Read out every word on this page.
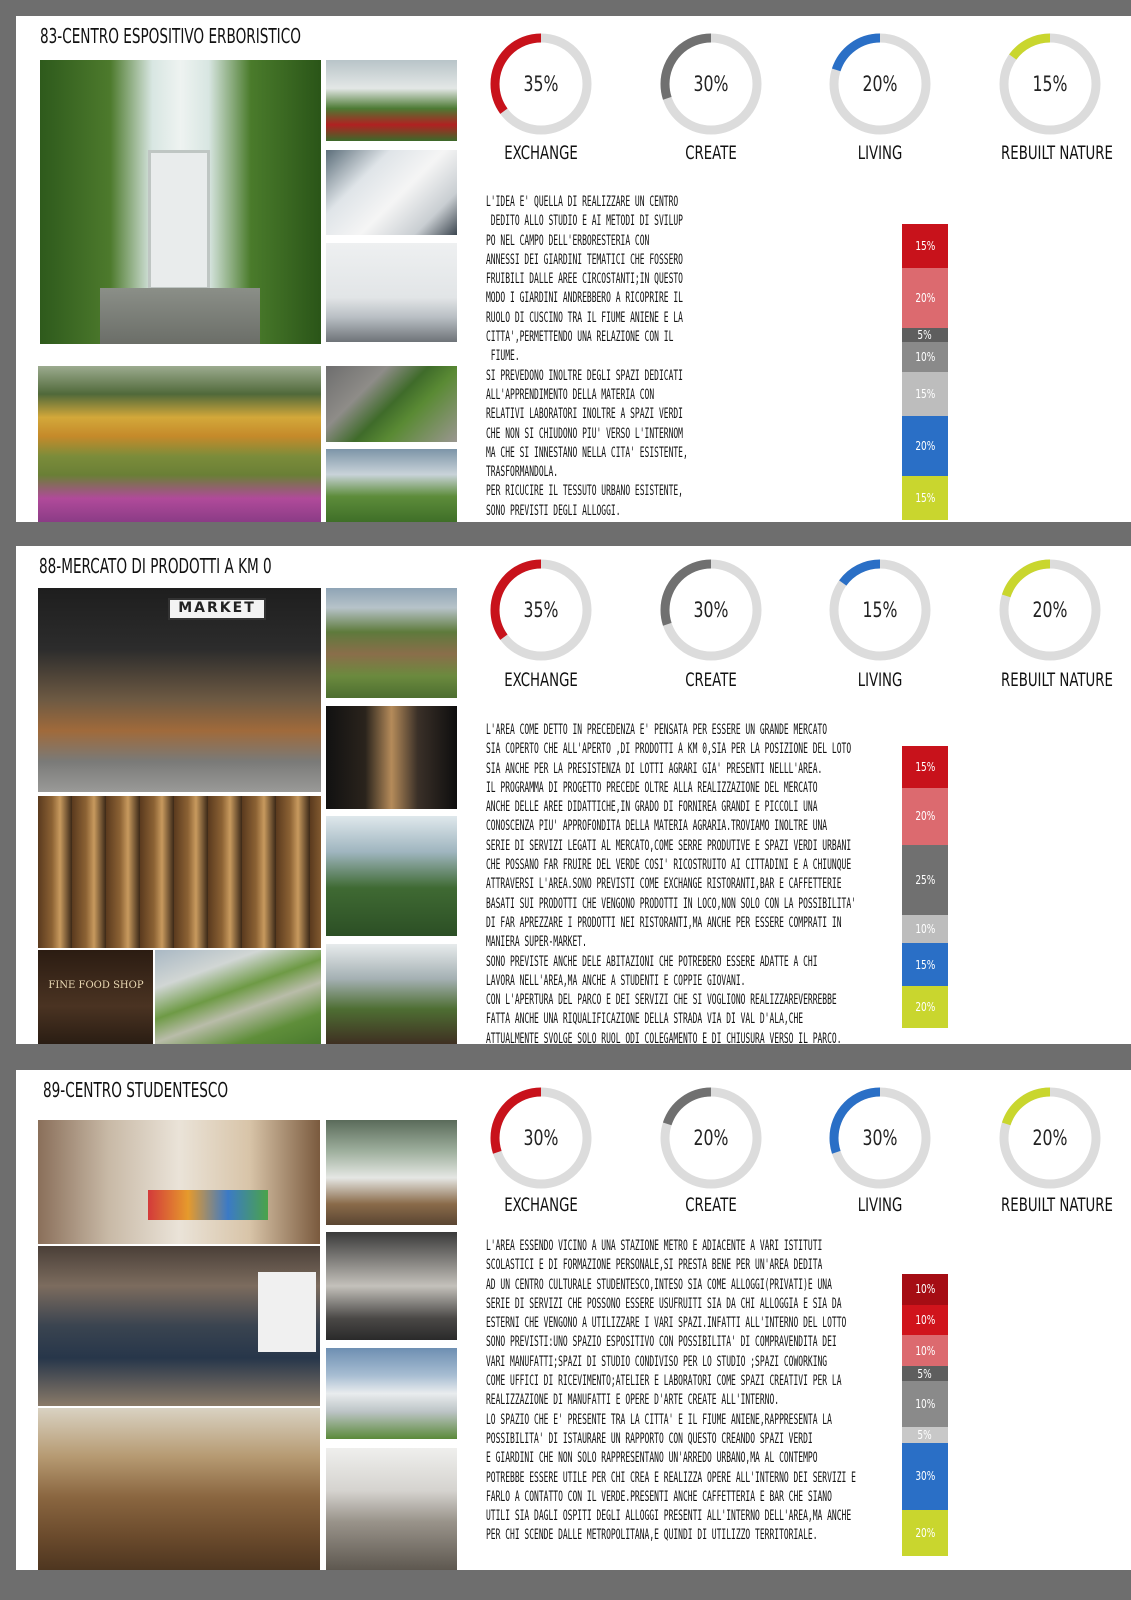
83-CENTRO ESPOSITIVO ERBORISTICO
35%	30%	20%	15%
EXCHANGE	CREATE	LIVING	REBUILT NATURE
L'IDEA E' QUELLA DI REALIZZARE UN CENTRO
DEDITO ALLO STUDIO E AI METODI DI SVILUP
PO NEL CAMPO DELL'ERBORESTERIA CON
ANNESSI DEI GIARDINI TEMATICI CHE FOSSERO
FRUIBILI DALLE AREE CIRCOSTANTI;IN QUESTO
MODO I GIARDINI ANDREBBERO A RICOPRIRE IL
RUOLO DI CUSCINO TRA IL FIUME ANIENE E LA
CITTA',PERMETTENDO UNA RELAZIONE CON IL
FIUME.
SI PREVEDONO INOLTRE DEGLI SPAZI DEDICATI
ALL'APPRENDIMENTO DELLA MATERIA CON
RELATIVI LABORATORI INOLTRE A SPAZI VERDI
CHE NON SI CHIUDONO PIU' VERSO L'INTERNOM
MA CHE SI INNESTANO NELLA CITA' ESISTENTE,
TRASFORMANDOLA.
PER RICUCIRE IL TESSUTO URBANO ESISTENTE,
SONO PREVISTI DEGLI ALLOGGI.
15%
20%
5%
10%
15%
20%
15%
88-MERCATO DI PRODOTTI A KM 0
MARKET
FINE FOOD SHOP
35%	30%	15%	20%
EXCHANGE	CREATE	LIVING	REBUILT NATURE
L'AREA COME DETTO IN PRECEDENZA E' PENSATA PER ESSERE UN GRANDE MERCATO
SIA COPERTO CHE ALL'APERTO ,DI PRODOTTI A KM 0,SIA PER LA POSIZIONE DEL LOTO
SIA ANCHE PER LA PRESISTENZA DI LOTTI AGRARI GIA' PRESENTI NELLL'AREA.
IL PROGRAMMA DI PROGETTO PRECEDE OLTRE ALLA REALIZZAZIONE DEL MERCATO
ANCHE DELLE AREE DIDATTICHE,IN GRADO DI FORNIREA GRANDI E PICCOLI UNA
CONOSCENZA PIU' APPROFONDITA DELLA MATERIA AGRARIA.TROVIAMO INOLTRE UNA
SERIE DI SERVIZI LEGATI AL MERCATO,COME SERRE PRODUTIVE E SPAZI VERDI URBANI
CHE POSSANO FAR FRUIRE DEL VERDE COSI' RICOSTRUITO AI CITTADINI E A CHIUNQUE
ATTRAVERSI L'AREA.SONO PREVISTI COME EXCHANGE RISTORANTI,BAR E CAFFETTERIE
BASATI SUI PRODOTTI CHE VENGONO PRODOTTI IN LOCO,NON SOLO CON LA POSSIBILITA'
DI FAR APREZZARE I PRODOTTI NEI RISTORANTI,MA ANCHE PER ESSERE COMPRATI IN
MANIERA SUPER-MARKET.
SONO PREVISTE ANCHE DELE ABITAZIONI CHE POTREBERO ESSERE ADATTE A CHI
LAVORA NELL'AREA,MA ANCHE A STUDENTI E COPPIE GIOVANI.
CON L'APERTURA DEL PARCO E DEI SERVIZI CHE SI VOGLIONO REALIZZAREVERREBBE
FATTA ANCHE UNA RIQUALIFICAZIONE DELLA STRADA VIA DI VAL D'ALA,CHE
ATTUALMENTE SVOLGE SOLO RUOL ODI COLEGAMENTO E DI CHIUSURA VERSO IL PARCO.
15%
20%
25%
10%
15%
20%
89-CENTRO STUDENTESCO
30%	20%	30%	20%
EXCHANGE	CREATE	LIVING	REBUILT NATURE
L'AREA ESSENDO VICINO A UNA STAZIONE METRO E ADIACENTE A VARI ISTITUTI
SCOLASTICI E DI FORMAZIONE PERSONALE,SI PRESTA BENE PER UN'AREA DEDITA
AD UN CENTRO CULTURALE STUDENTESCO,INTESO SIA COME ALLOGGI(PRIVATI)E UNA
SERIE DI SERVIZI CHE POSSONO ESSERE USUFRUITI SIA DA CHI ALLOGGIA E SIA DA
ESTERNI CHE VENGONO A UTILIZZARE I VARI SPAZI.INFATTI ALL'INTERNO DEL LOTTO
SONO PREVISTI:UNO SPAZIO ESPOSITIVO CON POSSIBILITA' DI COMPRAVENDITA DEI
VARI MANUFATTI;SPAZI DI STUDIO CONDIVISO PER LO STUDIO ;SPAZI COWORKING
COME UFFICI DI RICEVIMENTO;ATELIER E LABORATORI COME SPAZI CREATIVI PER LA
REALIZZAZIONE DI MANUFATTI E OPERE D'ARTE CREATE ALL'INTERNO.
LO SPAZIO CHE E' PRESENTE TRA LA CITTA' E IL FIUME ANIENE,RAPPRESENTA LA
POSSIBILITA' DI ISTAURARE UN RAPPORTO CON QUESTO CREANDO SPAZI VERDI
E GIARDINI CHE NON SOLO RAPPRESENTANO UN'ARREDO URBANO,MA AL CONTEMPO
POTREBBE ESSERE UTILE PER CHI CREA E REALIZZA OPERE ALL'INTERNO DEI SERVIZI E
FARLO A CONTATTO CON IL VERDE.PRESENTI ANCHE CAFFETTERIA E BAR CHE SIANO
UTILI SIA DAGLI OSPITI DEGLI ALLOGGI PRESENTI ALL'INTERNO DELL'AREA,MA ANCHE
PER CHI SCENDE DALLE METROPOLITANA,E QUINDI DI UTILIZZO TERRITORIALE.
10%
10%
10%
5%
10%
5%
30%
20%
